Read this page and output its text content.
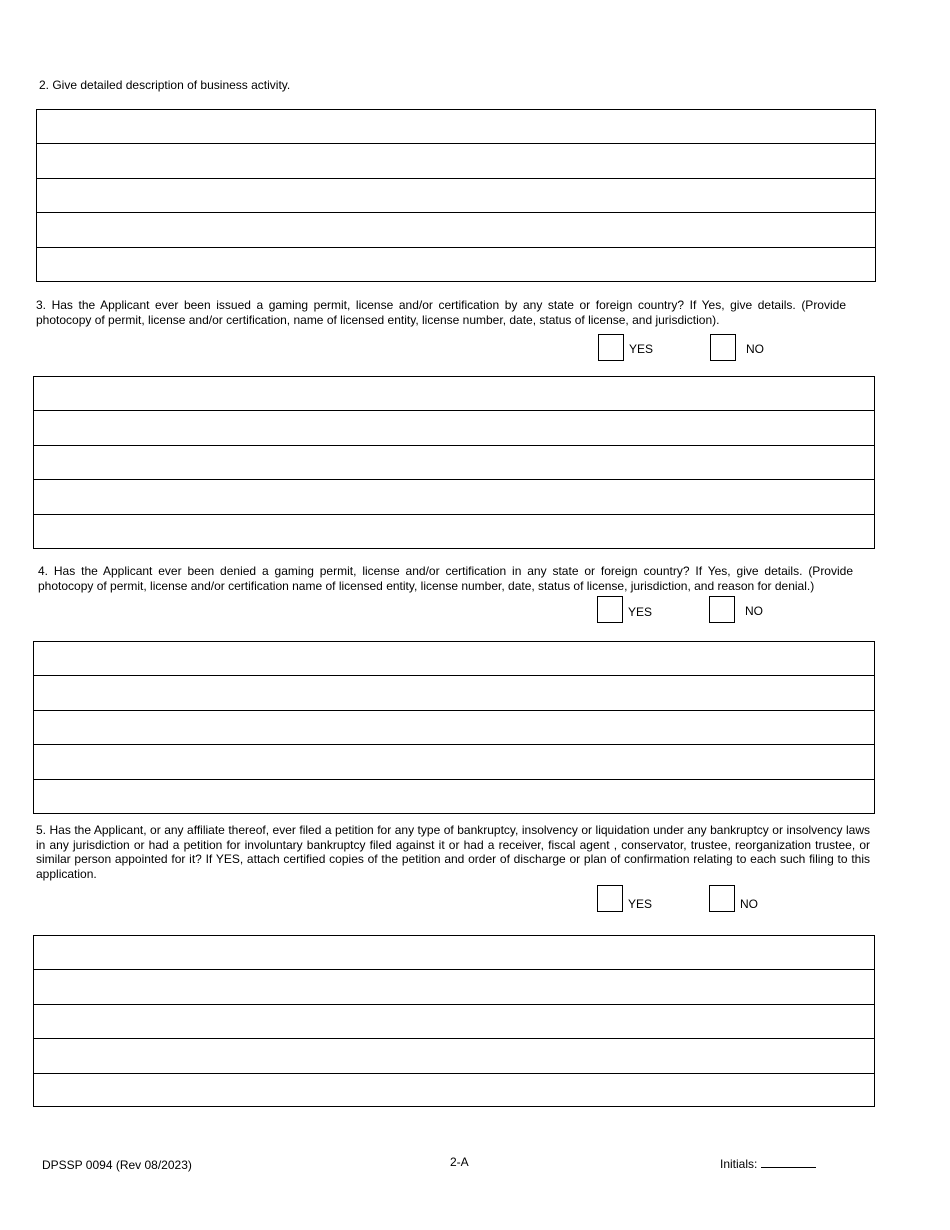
2. Give detailed description of business activity.
3. Has the Applicant ever been issued a gaming permit, license and/or certification by any state or foreign country? If Yes, give details. (Provide photocopy of permit, license and/or certification, name of licensed entity, license number, date, status of license, and jurisdiction).
YES	NO
4. Has the Applicant ever been denied a gaming permit, license and/or certification in any state or foreign country? If Yes, give details. (Provide photocopy of permit, license and/or certification name of licensed entity, license number, date, status of license, jurisdiction, and reason for denial.)
YES	NO
5. Has the Applicant, or any affiliate thereof, ever filed a petition for any type of bankruptcy, insolvency or liquidation under any bankruptcy or insolvency laws in any jurisdiction or had a petition for involuntary bankruptcy filed against it or had a receiver, fiscal agent , conservator, trustee, reorganization trustee, or similar person appointed for it? If YES, attach certified copies of the petition and order of discharge or plan of confirmation relating to each such filing to this application.
YES	NO
DPSSP 0094 (Rev 08/2023)	2-A	Initials:
